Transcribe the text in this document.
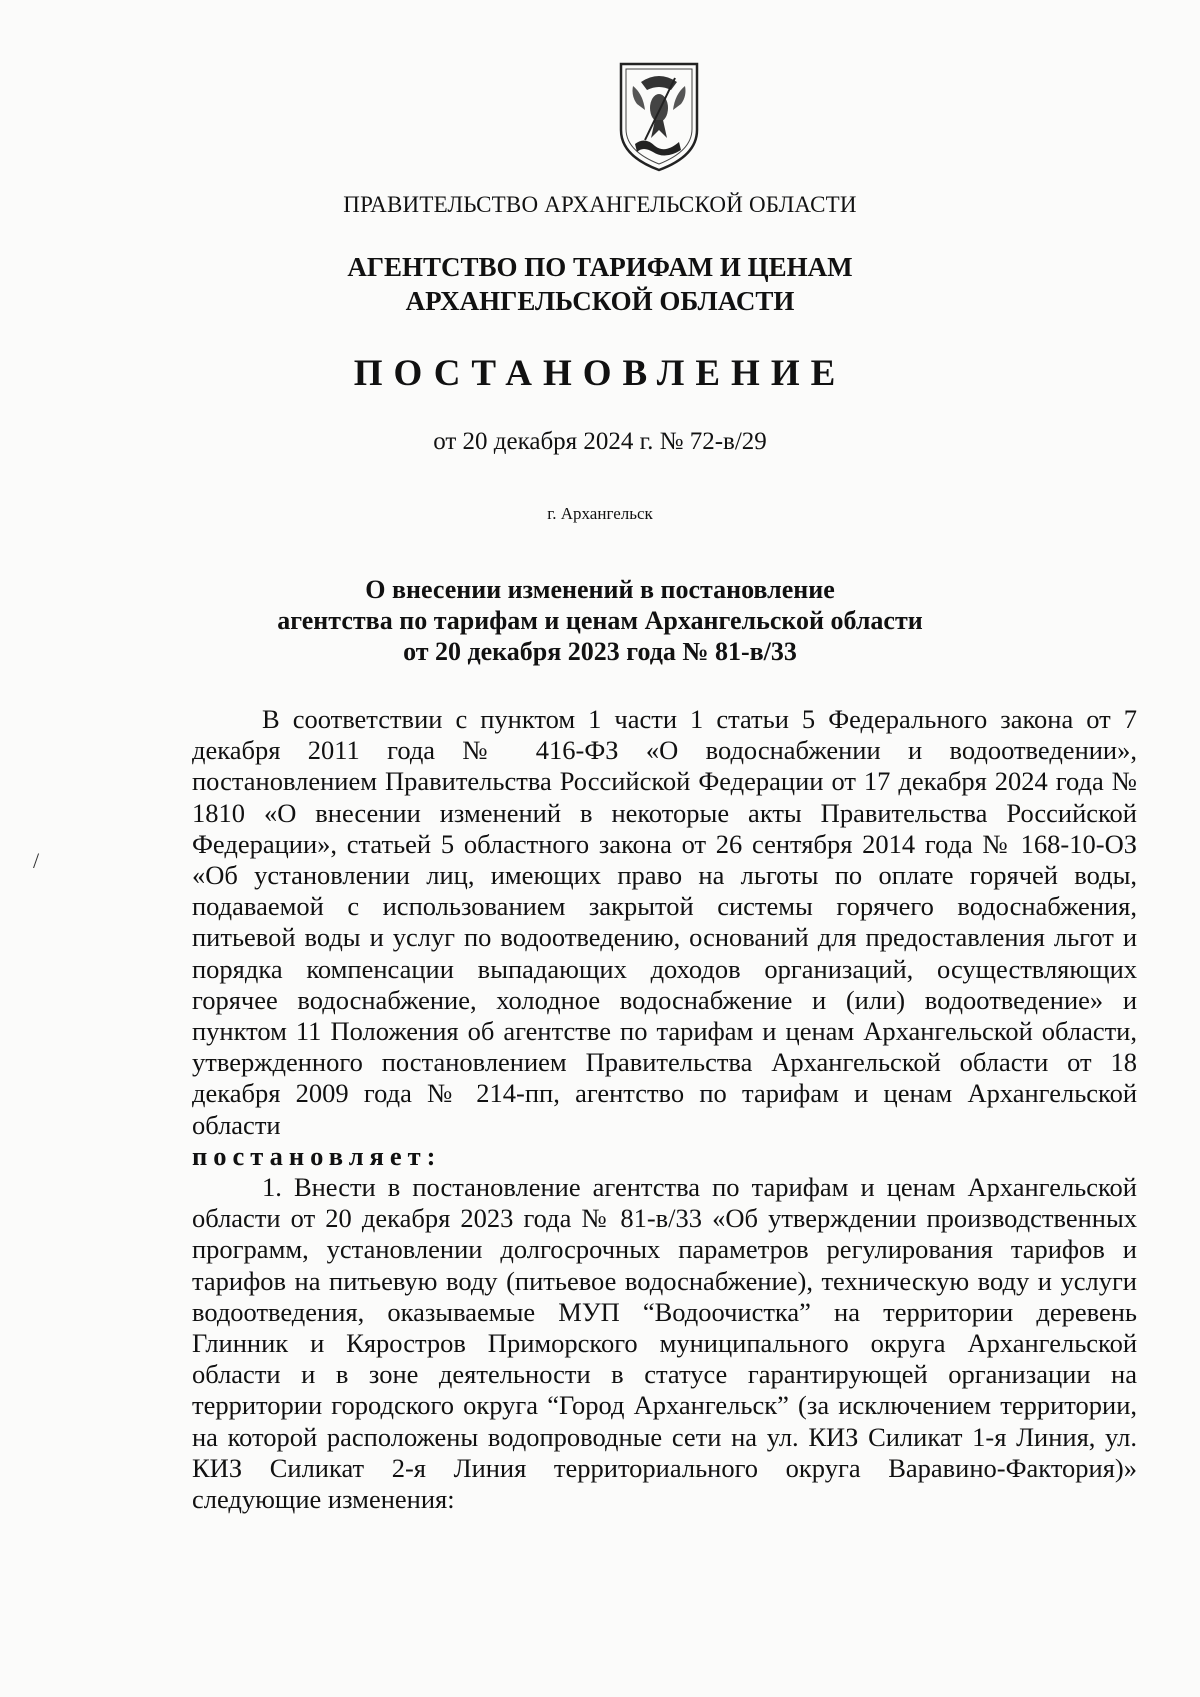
ПРАВИТЕЛЬСТВО АРХАНГЕЛЬСКОЙ ОБЛАСТИ
АГЕНТСТВО ПО ТАРИФАМ И ЦЕНАМ
АРХАНГЕЛЬСКОЙ ОБЛАСТИ
ПОСТАНОВЛЕНИЕ
от 20 декабря 2024 г. № 72-в/29
г. Архангельск
О внесении изменений в постановление
агентства по тарифам и ценам Архангельской области
от 20 декабря 2023 года № 81-в/33

В соответствии с пунктом 1 части 1 статьи 5 Федерального закона от 7 декабря 2011 года № 416-ФЗ «О водоснабжении и водоотведении», постановлением Правительства Российской Федерации от 17 декабря 2024 года № 1810 «О внесении изменений в некоторые акты Правительства Российской Федерации», статьей 5 областного закона от 26 сентября 2014 года № 168-10-ОЗ «Об установлении лиц, имеющих право на льготы по оплате горячей воды, подаваемой с использованием закрытой системы горячего водоснабжения, питьевой воды и услуг по водоотведению, оснований для предоставления льгот и порядка компенсации выпадающих доходов организаций, осуществляющих горячее водоснабжение, холодное водоснабжение и (или) водоотведение» и пунктом 11 Положения об агентстве по тарифам и ценам Архангельской области, утвержденного постановлением Правительства Архангельской области от 18 декабря 2009 года № 214-пп, агентство по тарифам и ценам Архангельской области

постановляет:

1. Внести в постановление агентства по тарифам и ценам Архангельской области от 20 декабря 2023 года № 81-в/33 «Об утверждении производственных программ, установлении долгосрочных параметров регулирования тарифов и тарифов на питьевую воду (питьевое водоснабжение), техническую воду и услуги водоотведения, оказываемые МУП “Водоочистка” на территории деревень Глинник и Кяростров Приморского муниципального округа Архангельской области и в зоне деятельности в статусе гарантирующей организации на территории городского округа “Город Архангельск” (за исключением территории, на которой расположены водопроводные сети на ул. КИЗ Силикат 1-я Линия, ул. КИЗ Силикат 2-я Линия территориального округа Варавино-Фактория)» следующие изменения:

/
